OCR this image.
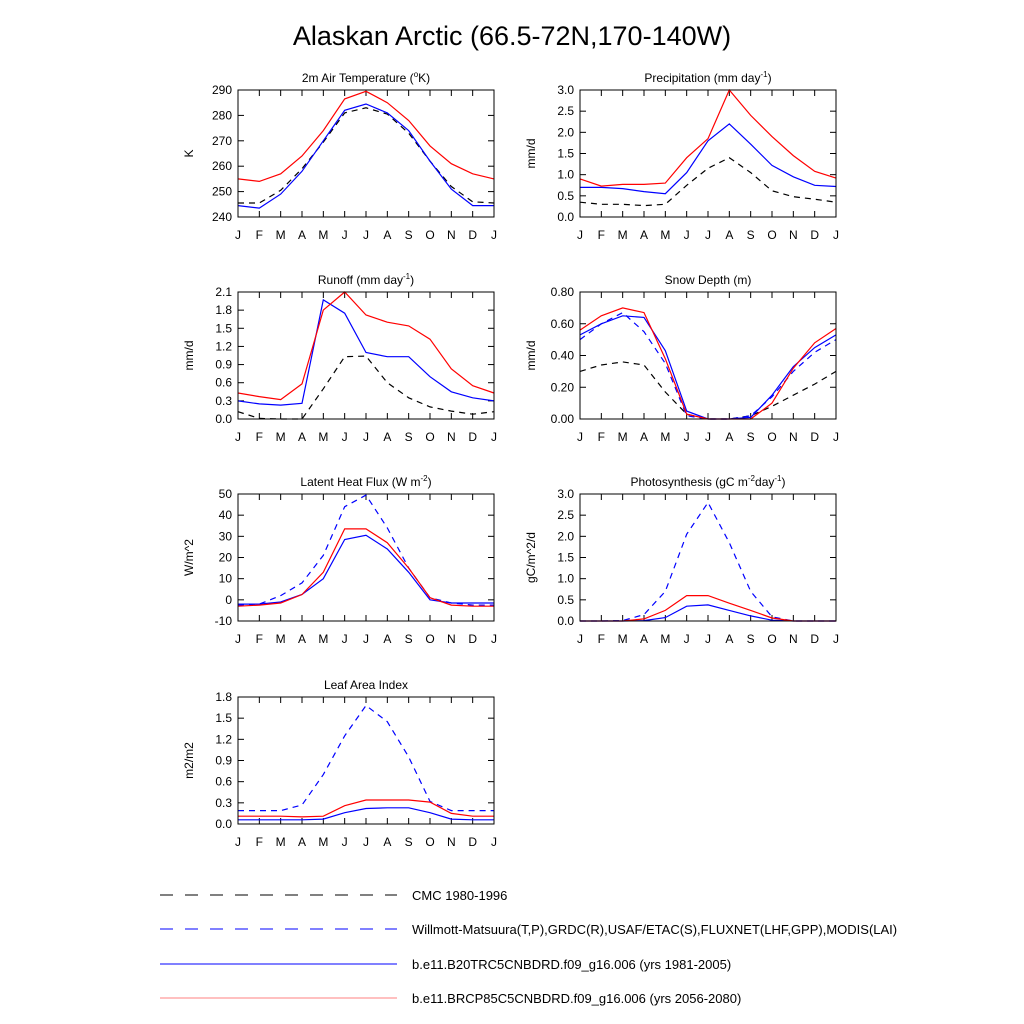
Alaskan Arctic (66.5-72N,170-140W)
2m Air Temperature ($^o$K)
K
240
250
260
270
280
290
J F M A M J J A S O N D J
Precipitation (mm day$^{-1}$)
mm/d
0.0
0.5
1.0
1.5
2.0
2.5
3.0
J F M A M J J A S O N D J
Runoff (mm day$^{-1}$)
mm/d
0.0
0.3
0.6
0.9
1.2
1.5
1.8
2.1
J F M A M J J A S O N D J
Snow Depth (m)
mm/d
0.00
0.20
0.40
0.60
0.80
J F M A M J J A S O N D J
Latent Heat Flux (W $m^{-2}$)
W/m^2
-10
0
10
20
30
40
50
J F M A M J J A S O N D J
Photosynthesis (gC $m^{-2}day^{-1}$)
gC/m^2/d
0.0
0.5
1.0
1.5
2.0
2.5
3.0
J F M A M J J A S O N D J
Leaf Area Index
m2/m2
0.0
0.3
0.6
0.9
1.2
1.5
1.8
J F M A M J J A S O N D J
CMC 1980-1996
Willmott-Matsuura(T,P),GRDC(R),USAF/ETAC(S),FLUXNET(LHF,GPP),MODIS(LAI)
b.e11.B20TRC5CNBDRD.f09_g16.006 (yrs 1981-2005)
b.e11.BRCP85C5CNBDRD.f09_g16.006 (yrs 2056-2080)
